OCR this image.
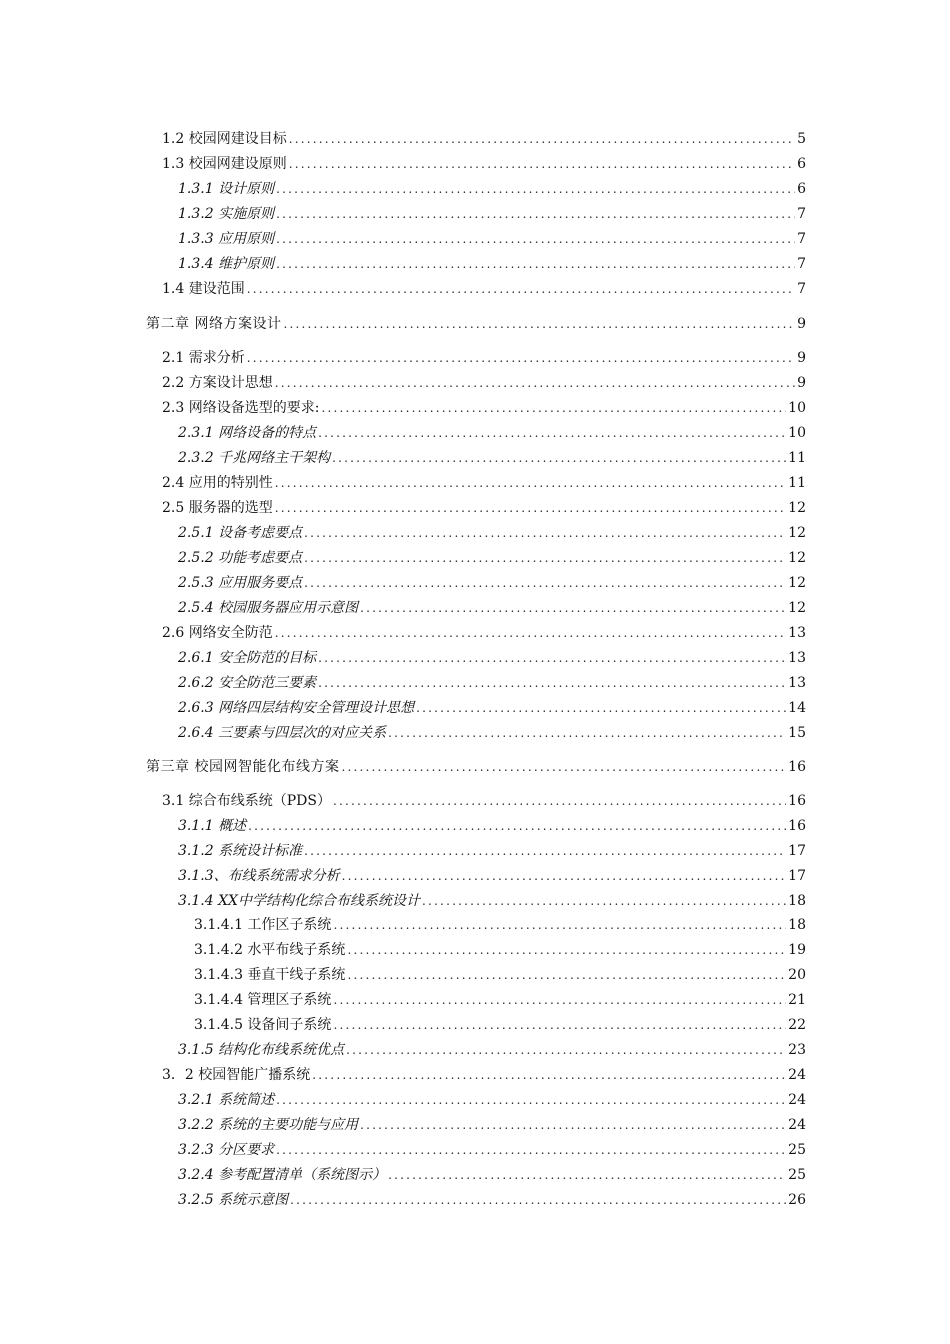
1.2 校园网建设目标 .....	5
1.3 校园网建设原则 .....	6
1.3.1 设计原则 .....	6
1.3.2 实施原则 .....	7
1.3.3 应用原则 .....	7
1.3.4 维护原则 .....	7
1.4 建设范围 .....	7
第二章 网络方案设计 .....	9
2.1 需求分析 .....	9
2.2 方案设计思想 .....	9
2.3 网络设备选型的要求: .....	10
2.3.1 网络设备的特点 .....	10
2.3.2 千兆网络主干架构 .....	11
2.4 应用的特别性 .....	11
2.5 服务器的选型 .....	12
2.5.1 设备考虑要点 .....	12
2.5.2 功能考虑要点 .....	12
2.5.3 应用服务要点 .....	12
2.5.4 校园服务器应用示意图 .....	12
2.6 网络安全防范 .....	13
2.6.1 安全防范的目标 .....	13
2.6.2 安全防范三要素 .....	13
2.6.3 网络四层结构安全管理设计思想 .....	14
2.6.4 三要素与四层次的对应关系 .....	15
第三章 校园网智能化布线方案 .....	16
3.1 综合布线系统（PDS） .....	16
3.1.1 概述 .....	16
3.1.2 系统设计标准 .....	17
3.1.3、布线系统需求分析 .....	17
3.1.4 XX中学结构化综合布线系统设计 .....	18
3.1.4.1 工作区子系统 .....	18
3.1.4.2 水平布线子系统 .....	19
3.1.4.3 垂直干线子系统 .....	20
3.1.4.4 管理区子系统 .....	21
3.1.4.5 设备间子系统 .....	22
3.1.5 结构化布线系统优点 .....	23
3．2 校园智能广播系统 .....	24
3.2.1 系统简述 .....	24
3.2.2 系统的主要功能与应用 .....	24
3.2.3 分区要求 .....	25
3.2.4 参考配置清单（系统图示） .....	25
3.2.5 系统示意图 .....	26
